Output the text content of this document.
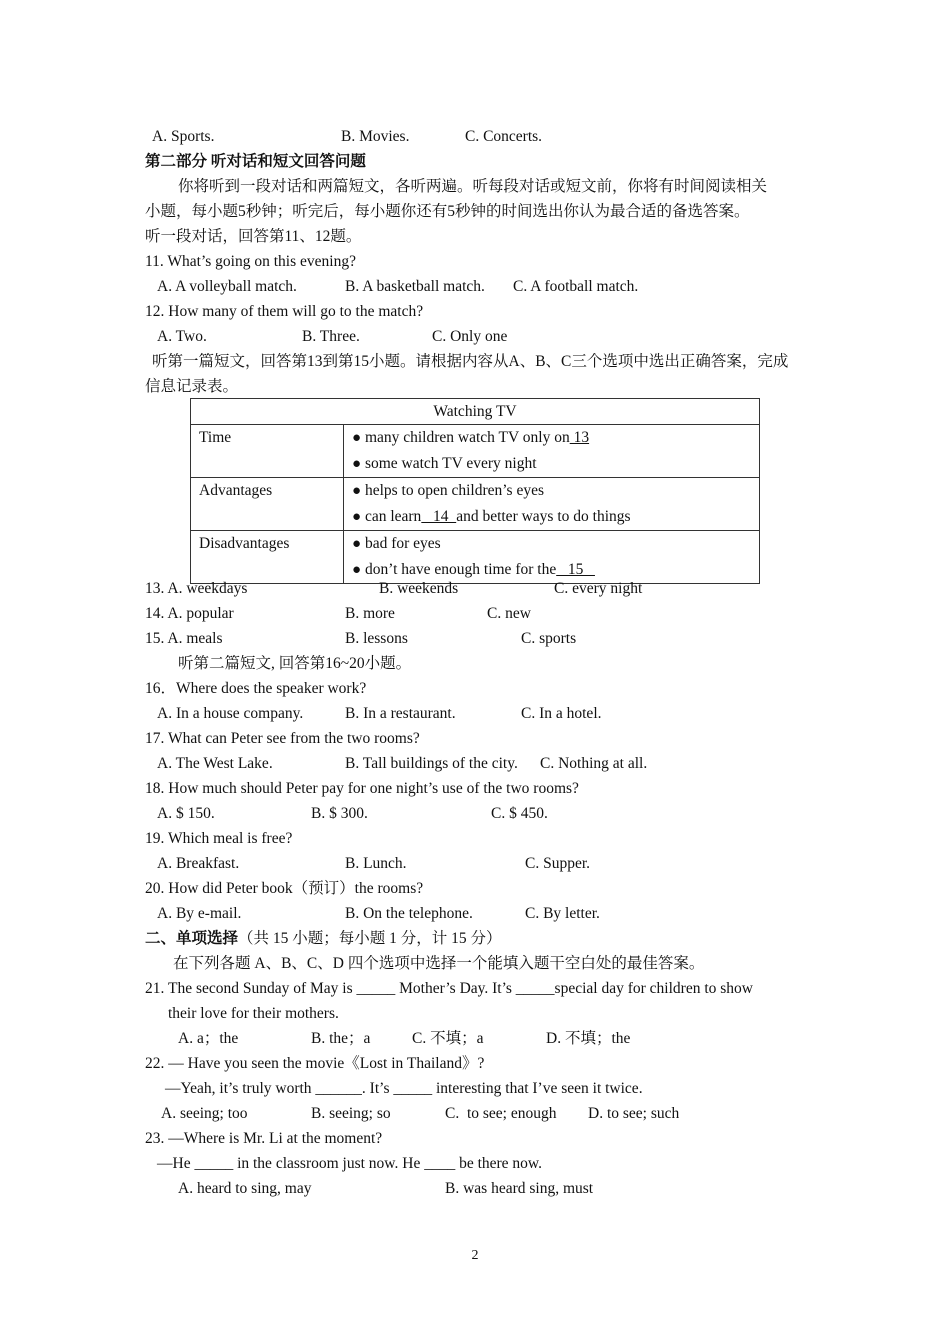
A. Sports.	B. Movies.	C. Concerts.
第二部分 听对话和短文回答问题
你将听到一段对话和两篇短文，各听两遍。听每段对话或短文前，你将有时间阅读相关
小题，每小题5秒钟；听完后，每小题你还有5秒钟的时间选出你认为最合适的备选答案。
听一段对话，回答第11、12题。
11. What’s going on this evening?
A. A volleyball match.	B. A basketball match. C. A football match.
12. How many of them will go to the match?
A. Two.	B. Three.	C. Only one
听第一篇短文，回答第13到第15小题。请根据内容从A、B、C三个选项中选出正确答案，完成
信息记录表。
Watching TV	
Time	● many children watch TV only on 13
● some watch TV every night

Advantages	● helps to open children’s eyes
● can learn   14  and better ways to do things

Disadvantages	● bad for eyes
● don’t have enough time for the   15
13. A. weekdays	B. weekends	C. every night
14. A. popular	B. more	C. new
15. A. meals	B. lessons	C. sports
听第二篇短文, 回答第16~20小题。
16．Where does the speaker work?
A. In a house company.	B. In a restaurant.	C. In a hotel.
17. What can Peter see from the two rooms?
A. The West Lake.	B. Tall buildings of the city. C. Nothing at all.
18. How much should Peter pay for one night’s use of the two rooms?
A. $ 150.	B. $ 300.	C. $ 450.
19. Which meal is free?
A. Breakfast.	B. Lunch.	C. Supper.
20. How did Peter book（预订）the rooms?
A. By e-mail.	B. On the telephone.	C. By letter.
二、单项选择（共 15 小题；每小题 1 分，计 15 分）
在下列各题 A、B、C、D 四个选项中选择一个能填入题干空白处的最佳答案。
21. The second Sunday of May is _____ Mother’s Day. It’s _____special day for children to show
their love for their mothers.
A. a；the	B. the；a	C. 不填；a	D. 不填；the
22. — Have you seen the movie《Lost in Thailand》?
—Yeah, it’s truly worth ______. It’s _____ interesting that I’ve seen it twice.
A. seeing; too	B. seeing; so	C.  to see; enough D. to see; such
23. —Where is Mr. Li at the moment?
—He _____ in the classroom just now. He ____ be there now.
A. heard to sing, may	B. was heard sing, must
2
